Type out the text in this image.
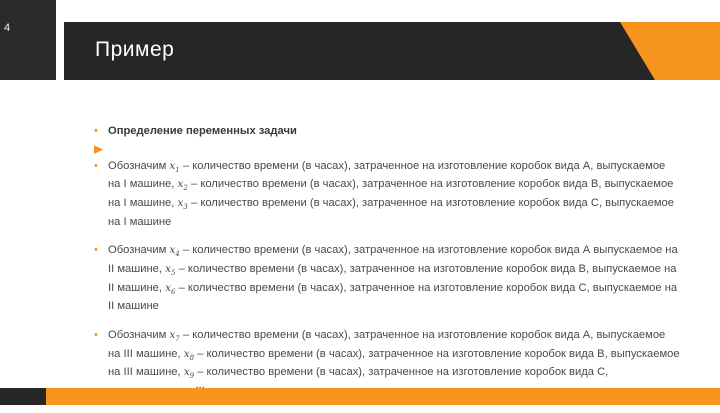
4
Пример
• Определение переменных задачи
▶
• Обозначим $x_1$ – количество времени (в часах), затраченное на изготовление коробок вида А, выпускаемое на I машине, $x_2$ – количество времени (в часах), затраченное на изготовление коробок вида В, выпускаемое на I машине, $x_3$ – количество времени (в часах), затраченное на изготовление коробок вида С, выпускаемое на I машине
• Обозначим $x_4$ – количество времени (в часах), затраченное на изготовление коробок вида А выпускаемое на II машине, $x_5$ – количество времени (в часах), затраченное на изготовление коробок вида В, выпускаемое на II машине, $x_6$ – количество времени (в часах), затраченное на изготовление коробок вида С, выпускаемое на II машине
• Обозначим $x_7$ – количество времени (в часах), затраченное на изготовление коробок вида А, выпускаемое на III машине, $x_8$ – количество времени (в часах), затраченное на изготовление коробок вида В, выпускаемое на III машине, $x_9$ – количество времени (в часах), затраченное на изготовление коробок вида С,
